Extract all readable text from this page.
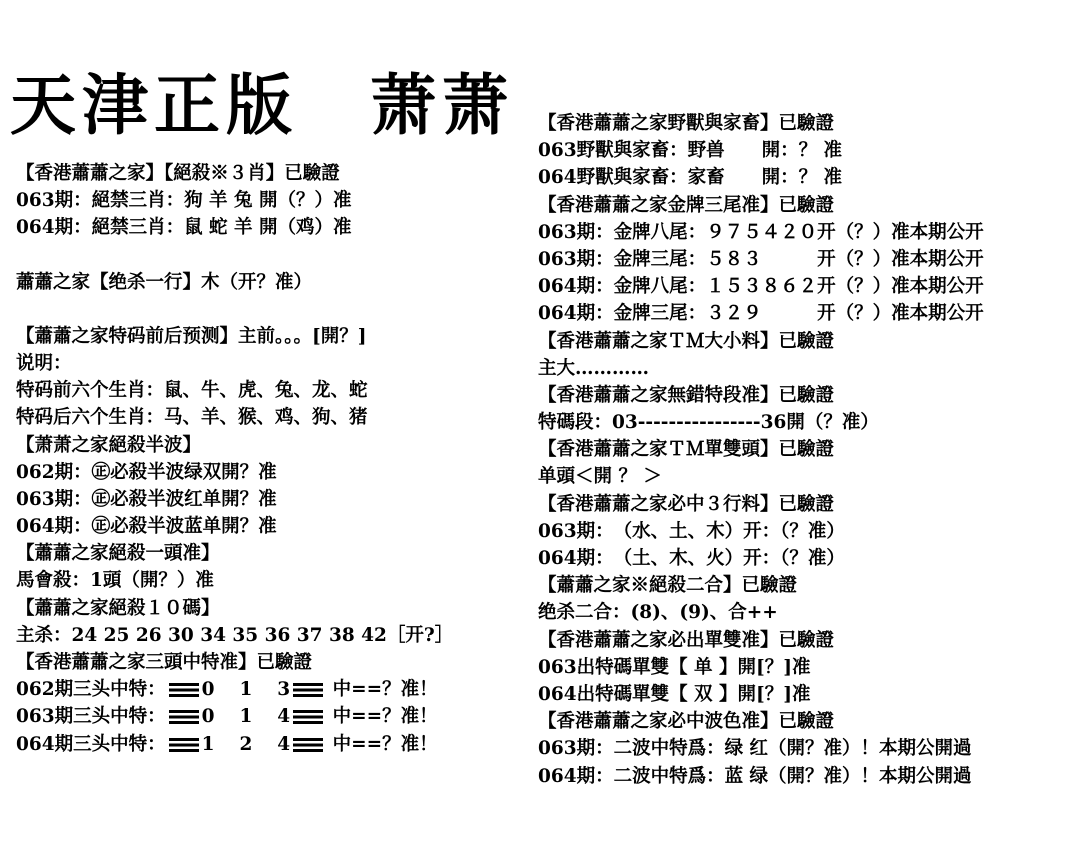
天津正版　萧萧
【香港蕭蕭之家】【絕殺※３肖】已驗證
063期：絕禁三肖：狗 羊 兔 開（？）准
064期：絕禁三肖：鼠 蛇 羊 開（鸡）准
蕭蕭之家【绝杀一行】木（开？准）
【蕭蕭之家特码前后预测】主前。。。[開？]
说明：
特码前六个生肖：鼠、牛、虎、兔、龙、蛇
特码后六个生肖：马、羊、猴、鸡、狗、猪
【萧萧之家絕殺半波】
062期：㊣必殺半波绿双開？准
063期：㊣必殺半波红单開？准
064期：㊣必殺半波蓝单開？准
【蕭蕭之家絕殺一頭准】
馬會殺：1頭（開？）准
【蕭蕭之家絕殺１０碼】
主杀：24 25 26 30 34 35 36 37 38 42［开?］
【香港蕭蕭之家三頭中特准】已驗證
062期三头中特： 0　 1　 3 中==？准！
063期三头中特： 0　 1　 4 中==？准！
064期三头中特： 1　 2　 4 中==？准！
【香港蕭蕭之家野獸與家畜】已驗證
063野獸與家畜：野兽　　開：？ 准
064野獸與家畜：家畜　　開：？ 准
【香港蕭蕭之家金牌三尾准】已驗證
063期：金牌八尾：９７５４２０开（？）准本期公开
063期：金牌三尾：５８３　　　开（？）准本期公开
064期：金牌八尾：１５３８６２开（？）准本期公开
064期：金牌三尾：３２９　　　开（？）准本期公开
【香港蕭蕭之家ＴＭ大小料】已驗證
主大…………
【香港蕭蕭之家無錯特段准】已驗證
特碼段：03----------------36開（？准）
【香港蕭蕭之家ＴＭ單雙頭】已驗證
单頭＜開 ？ ＞
【香港蕭蕭之家必中３行料】已驗證
063期：　（水、土、木）开：（？准）
064期：　（土、木、火）开：（？准）
【蕭蕭之家※絕殺二合】已驗證
绝杀二合：(8)、(9)、合++
【香港蕭蕭之家必出單雙准】已驗證
063出特碼單雙【 单 】開[？]准
064出特碼單雙【 双 】開[？]准
【香港蕭蕭之家必中波色准】已驗證
063期：二波中特爲：绿 红（開？准）！本期公開過
064期：二波中特爲：蓝 绿（開？准）！本期公開過
